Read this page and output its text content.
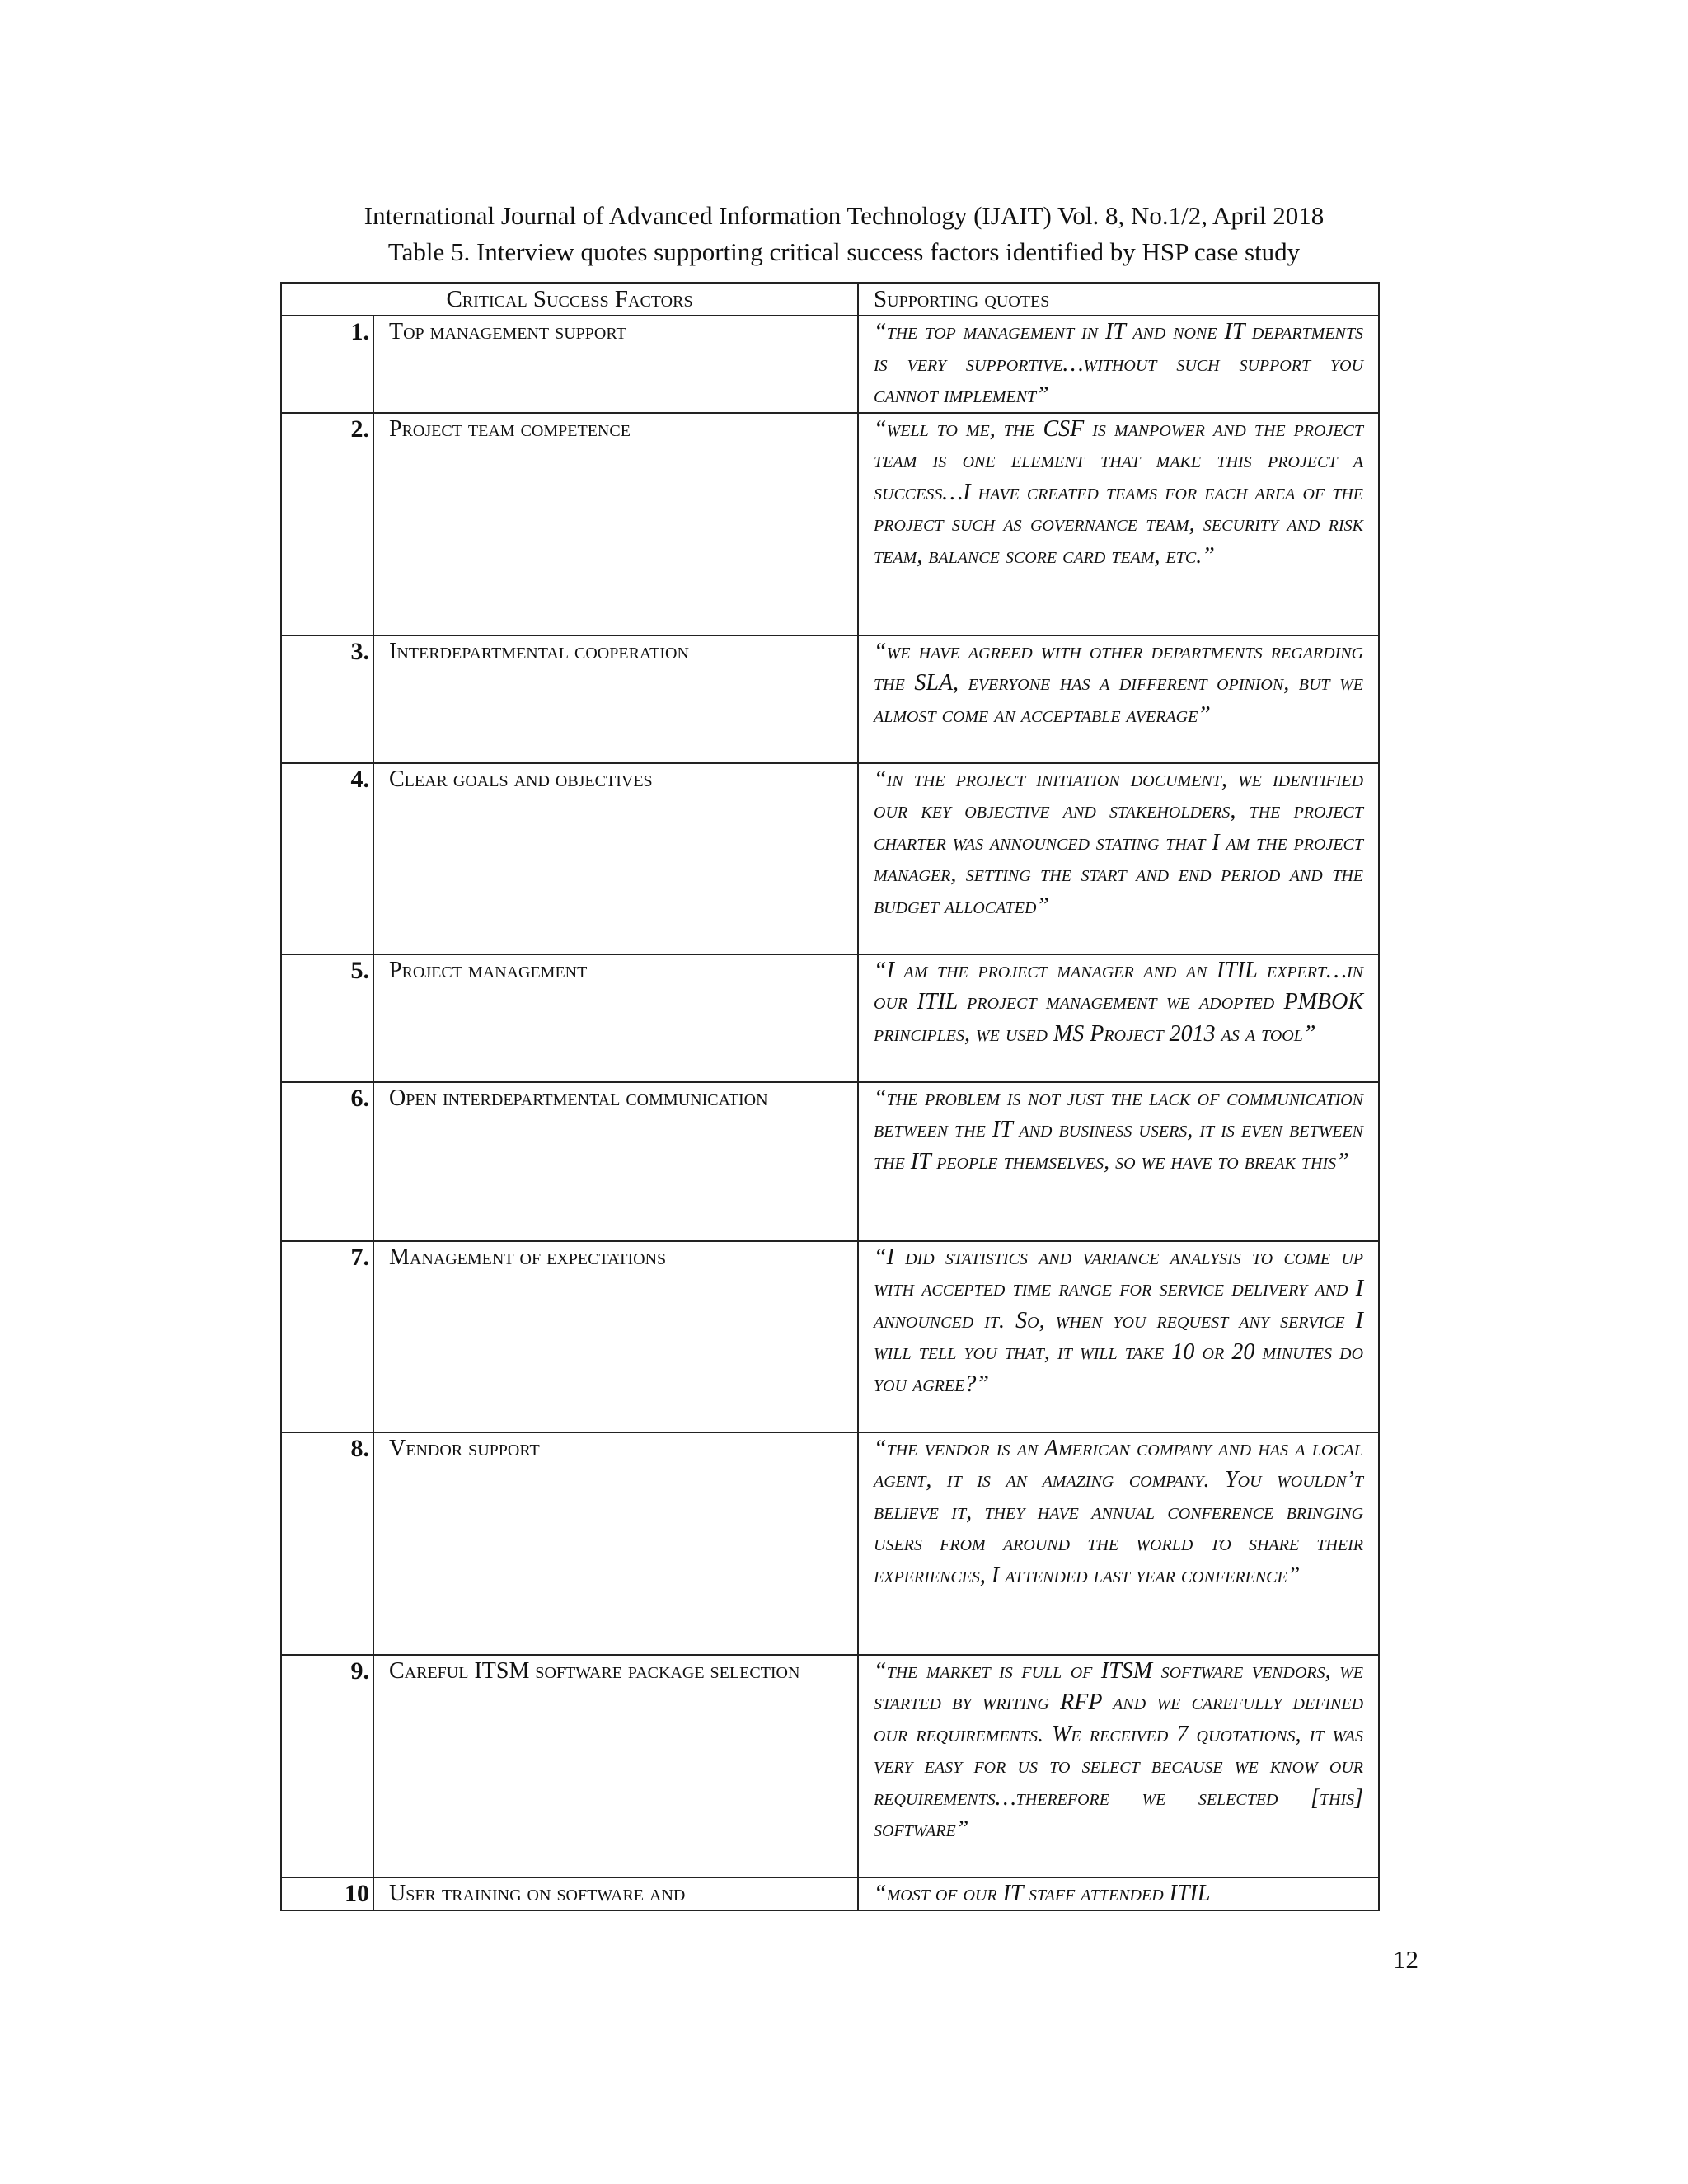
International Journal of Advanced Information Technology (IJAIT) Vol. 8, No.1/2, April 2018
Table 5. Interview quotes supporting critical success factors identified by HSP case study
Critical Success Factors		Supporting quotes
1.	Top management support	“the top management in IT and none IT departments is very supportive…without such support you cannot implement”
2.	Project team competence	“well to me, the CSF is manpower and the project team is one element that make this project a success…I have created teams for each area of the project such as governance team, security and risk team, balance score card team, etc.”
3.	Interdepartmental cooperation	“we have agreed with other departments regarding the SLA, everyone has a different opinion, but we almost come an acceptable average”
4.	Clear goals and objectives	“in the project initiation document, we identified our key objective and stakeholders, the project charter was announced stating that I am the project manager, setting the start and end period and the budget allocated”
5.	Project management	“I am the project manager and an ITIL expert…in our ITIL project management we adopted PMBOK principles, we used MS Project 2013 as a tool”
6.	Open interdepartmental communication	“the problem is not just the lack of communication between the IT and business users, it is even between the IT people themselves, so we have to break this”
7.	Management of expectations	“I did statistics and variance analysis to come up with accepted time range for service delivery and I announced it. So, when you request any service I will tell you that, it will take 10 or 20 minutes do you agree?”
8.	Vendor support	“the vendor is an American company and has a local agent, it is an amazing company. You wouldn’t believe it, they have annual conference bringing users from around the world to share their experiences, I attended last year conference”
9.	Careful ITSM software package selection	“the market is full of ITSM software vendors, we started by writing RFP and we carefully defined our requirements. We received 7 quotations, it was very easy for us to select because we know our requirements…therefore we selected [this] software”
10	User training on software and	“most of our IT staff attended ITIL
12
